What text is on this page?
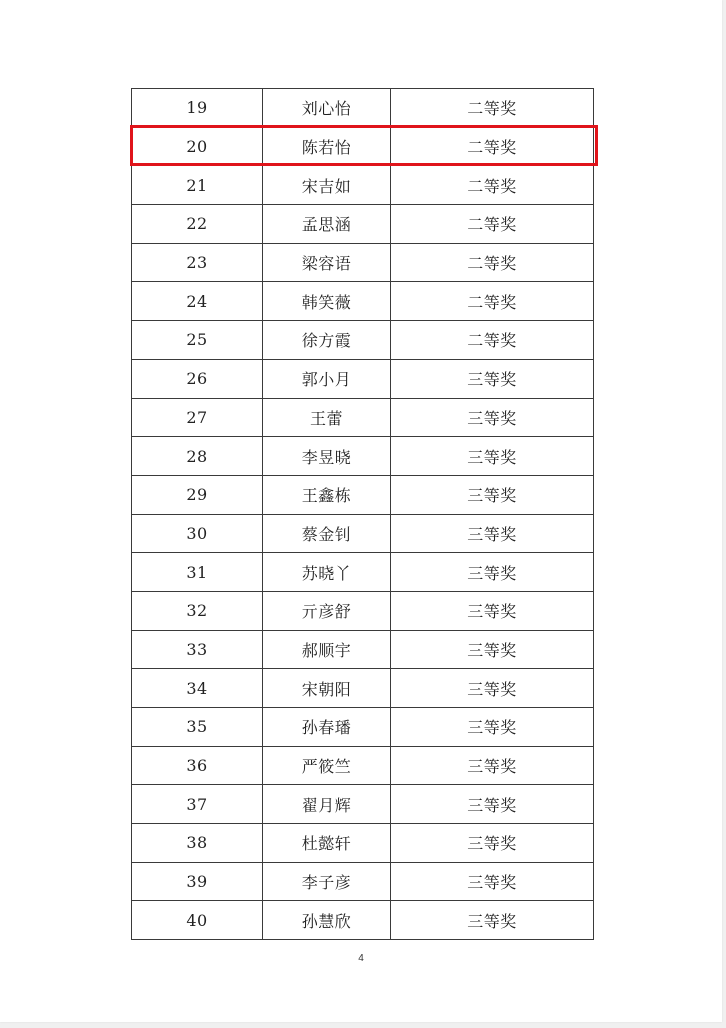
19	刘心怡	二等奖
20	陈若怡	二等奖
21	宋吉如	二等奖
22	孟思涵	二等奖
23	梁容语	二等奖
24	韩笑薇	二等奖
25	徐方霞	二等奖
26	郭小月	三等奖
27	王蕾	三等奖
28	李昱晓	三等奖
29	王鑫栋	三等奖
30	蔡金钊	三等奖
31	苏晓丫	三等奖
32	亓彦舒	三等奖
33	郝顺宇	三等奖
34	宋朝阳	三等奖
35	孙春璠	三等奖
36	严筱竺	三等奖
37	翟月辉	三等奖
38	杜懿轩	三等奖
39	李子彦	三等奖
40	孙慧欣	三等奖
4
